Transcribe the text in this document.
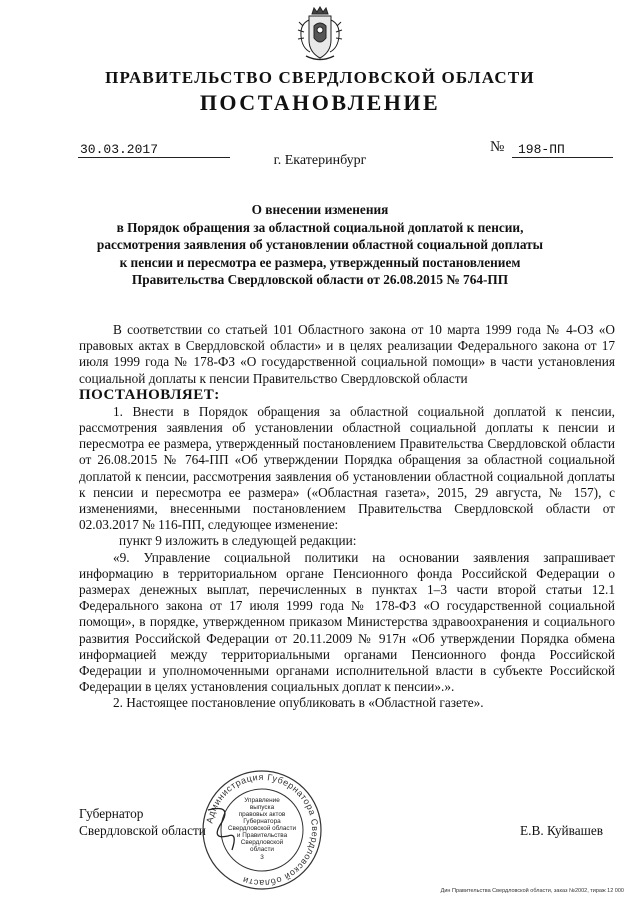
ПРАВИТЕЛЬСТВО СВЕРДЛОВСКОЙ ОБЛАСТИ
ПОСТАНОВЛЕНИЕ
30.03.2017	№	198-ПП
г. Екатеринбург
О внесении изменения
в Порядок обращения за областной социальной доплатой к пенсии,
рассмотрения заявления об установлении областной социальной доплаты
к пенсии и пересмотра ее размера, утвержденный постановлением
Правительства Свердловской области от 26.08.2015 № 764-ПП
В соответствии со статьей 101 Областного закона от 10 марта 1999 года № 4-ОЗ «О правовых актах в Свердловской области» и в целях реализации Федерального закона от 17 июля 1999 года № 178-ФЗ «О государственной социальной помощи» в части установления социальной доплаты к пенсии Правительство Свердловской области
ПОСТАНОВЛЯЕТ:
1. Внести в Порядок обращения за областной социальной доплатой к пенсии, рассмотрения заявления об установлении областной социальной доплаты к пенсии и пересмотра ее размера, утвержденный постановлением Правительства Свердловской области от 26.08.2015 № 764-ПП «Об утверждении Порядка обращения за областной социальной доплатой к пенсии, рассмотрения заявления об установлении областной социальной доплаты к пенсии и пересмотра ее размера» («Областная газета», 2015, 29 августа, № 157), с изменениями, внесенными постановлением Правительства Свердловской области от 02.03.2017 № 116-ПП, следующее изменение:
пункт 9 изложить в следующей редакции:
«9. Управление социальной политики на основании заявления запрашивает информацию в территориальном органе Пенсионного фонда Российской Федерации о размерах денежных выплат, перечисленных в пунктах 1–3 части второй статьи 12.1 Федерального закона от 17 июля 1999 года № 178-ФЗ «О государственной социальной помощи», в порядке, утвержденном приказом Министерства здравоохранения и социального развития Российской Федерации от 20.11.2009 № 917н «Об утверждении Порядка обмена информацией между территориальными органами Пенсионного фонда Российской Федерации и уполномоченными органами исполнительной власти в субъекте Российской Федерации в целях установления социальных доплат к пенсии».».
2. Настоящее постановление опубликовать в «Областной газете».
Губернатор
Свердловской области	Е.В. Куйвашев
Администрация Губернатора Свердловской области
Управление
выпуска
правовых актов
Губернатора
Свердловской области
и Правительства
Свердловской
области
3
Дин Правительства Свердловской области, заказ №2002, тираж 12 000
